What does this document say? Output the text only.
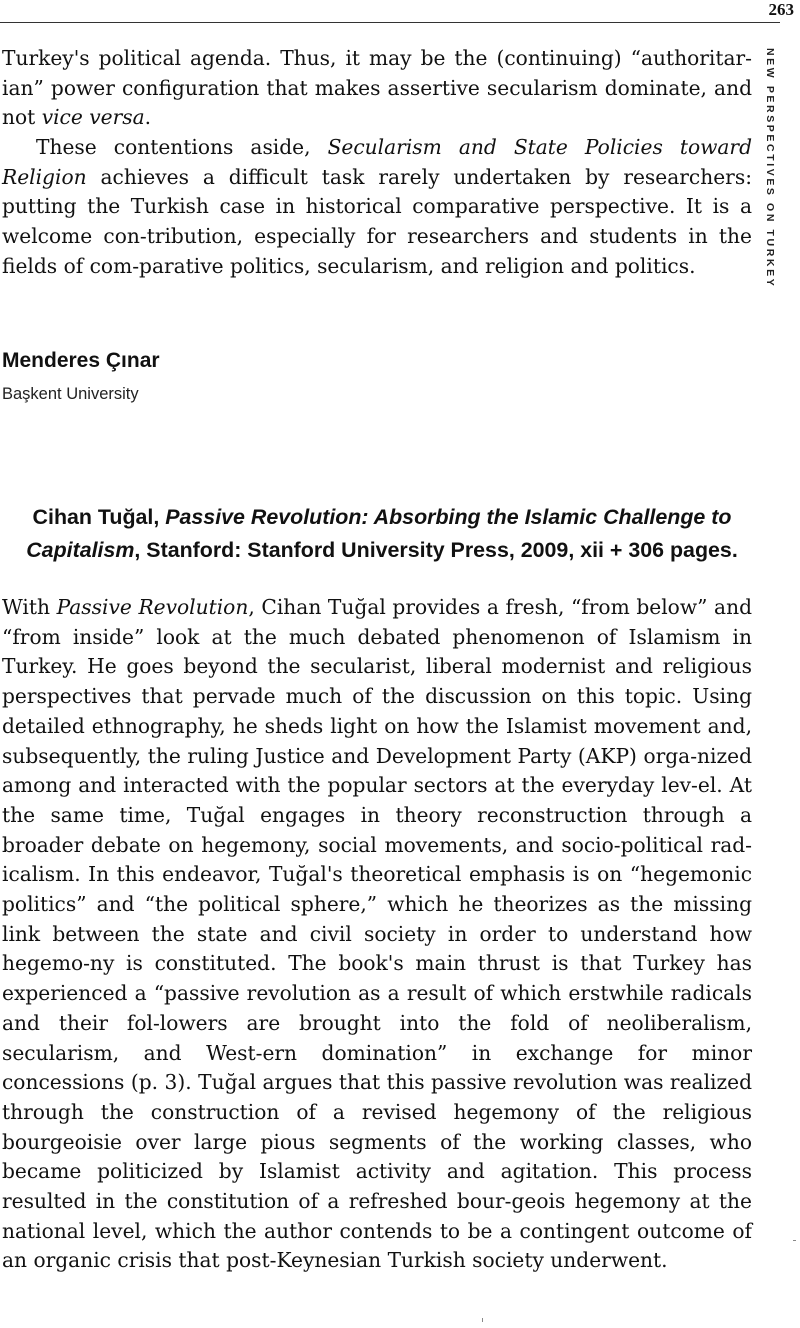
263
NEW PERSPECTIVES ON TURKEY

Turkey's political agenda. Thus, it may be the (continuing) “authoritar-ian” power configuration that makes assertive secularism dominate, and not vice versa.

These contentions aside, Secularism and State Policies toward Religion achieves a difficult task rarely undertaken by researchers: putting the Turkish case in historical comparative perspective. It is a welcome con-tribution, especially for researchers and students in the fields of com-parative politics, secularism, and religion and politics.

Menderes Çınar
Başkent University
Cihan Tuğal, Passive Revolution: Absorbing the Islamic Challenge to Capitalism, Stanford: Stanford University Press, 2009, xii + 306 pages.

With Passive Revolution, Cihan Tuğal provides a fresh, “from below” and “from inside” look at the much debated phenomenon of Islamism in Turkey. He goes beyond the secularist, liberal modernist and religious perspectives that pervade much of the discussion on this topic. Using detailed ethnography, he sheds light on how the Islamist movement and, subsequently, the ruling Justice and Development Party (AKP) orga-nized among and interacted with the popular sectors at the everyday lev-el. At the same time, Tuğal engages in theory reconstruction through a broader debate on hegemony, social movements, and socio-political rad-icalism. In this endeavor, Tuğal's theoretical emphasis is on “hegemonic politics” and “the political sphere,” which he theorizes as the missing link between the state and civil society in order to understand how hegemo-ny is constituted. The book's main thrust is that Turkey has experienced a “passive revolution as a result of which erstwhile radicals and their fol-lowers are brought into the fold of neoliberalism, secularism, and West-ern domination” in exchange for minor concessions (p. 3). Tuğal argues that this passive revolution was realized through the construction of a revised hegemony of the religious bourgeoisie over large pious segments of the working classes, who became politicized by Islamist activity and agitation. This process resulted in the constitution of a refreshed bour-geois hegemony at the national level, which the author contends to be a contingent outcome of an organic crisis that post-Keynesian Turkish society underwent.
